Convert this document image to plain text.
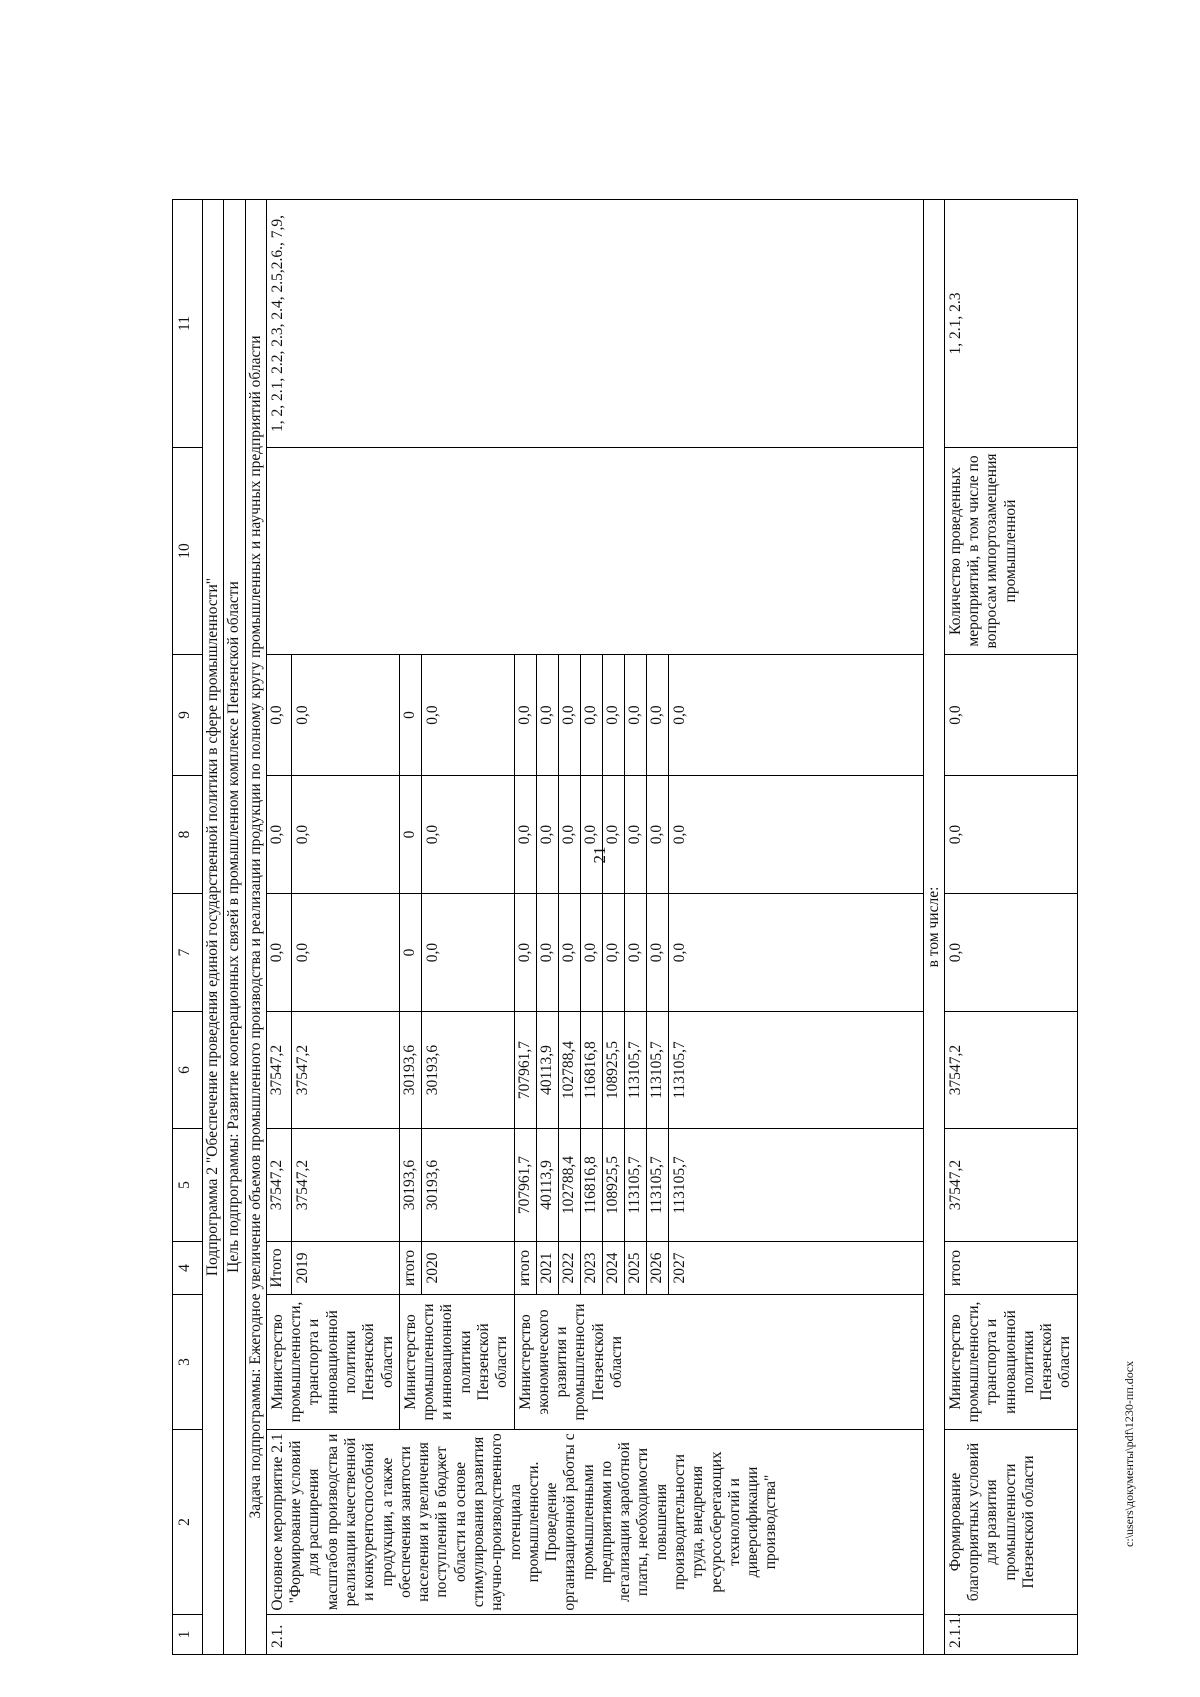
21
c:\users\документы\pdf\1230-пп.docx
1	2	3	4	5	6	7	8	9	10	11
Подпрограмма 2 "Обеспечение проведения единой государственной политики в сфере промышленности"										
Цель подпрограммы: Развитие кооперационных связей в промышленном комплексе Пензенской области										
Задача подпрограммы: Ежегодное увеличение объемов промышленного производства и реализации продукции по полному кругу промышленных и научных предприятий области										
2.1.	Основное мероприятие 2.1 "Формирование условий для расширения масштабов производства и реализации качественной и конкурентоспособной продукции, а также обеспечения занятости населения и увеличения поступлений в бюджет области на основе стимулирования развития научно-производственного потенциала промышленности. Проведение организационной работы с промышленными предприятиями по легализации заработной платы, необходимости повышения производительности труда, внедрения ресурсосберегающих технологий и диверсификации производства"	Министерство промышленности, транспорта и инновационной политики Пензенской области	Итого	37547,2	37547,2	0,0	0,0	0,0		1, 2, 2.1, 2.2, 2.3, 2.4, 2.5,2.6., 7,9,
			2019	37547,2	37547,2	0,0	0,0	0,0		
		Министерство промышленности и инновационной политики Пензенской области	итого	30193,6	30193,6	0	0	0		
			2020	30193,6	30193,6	0,0	0,0	0,0		
		Министерство экономического развития и промышленности Пензенской области	итого	707961,7	707961,7	0,0	0,0	0,0		
			2021	40113,9	40113,9	0,0	0,0	0,0		
			2022	102788,4	102788,4	0,0	0,0	0,0		
			2023	116816,8	116816,8	0,0	0,0	0,0		
			2024	108925,5	108925,5	0,0	0,0	0,0		
			2025	113105,7	113105,7	0,0	0,0	0,0		
			2026	113105,7	113105,7	0,0	0,0	0,0		
			2027	113105,7	113105,7	0,0	0,0	0,0		
в том числе:										
2.1.1.	Формирование благоприятных условий для развития промышленности Пензенской области	Министерство промышленности, транспорта и инновационной политики Пензенской области	итого	37547,2	37547,2	0,0	0,0	0,0	Количество проведенных мероприятий, в том числе по вопросам импортозамещения промышленной	1, 2.1, 2.3
